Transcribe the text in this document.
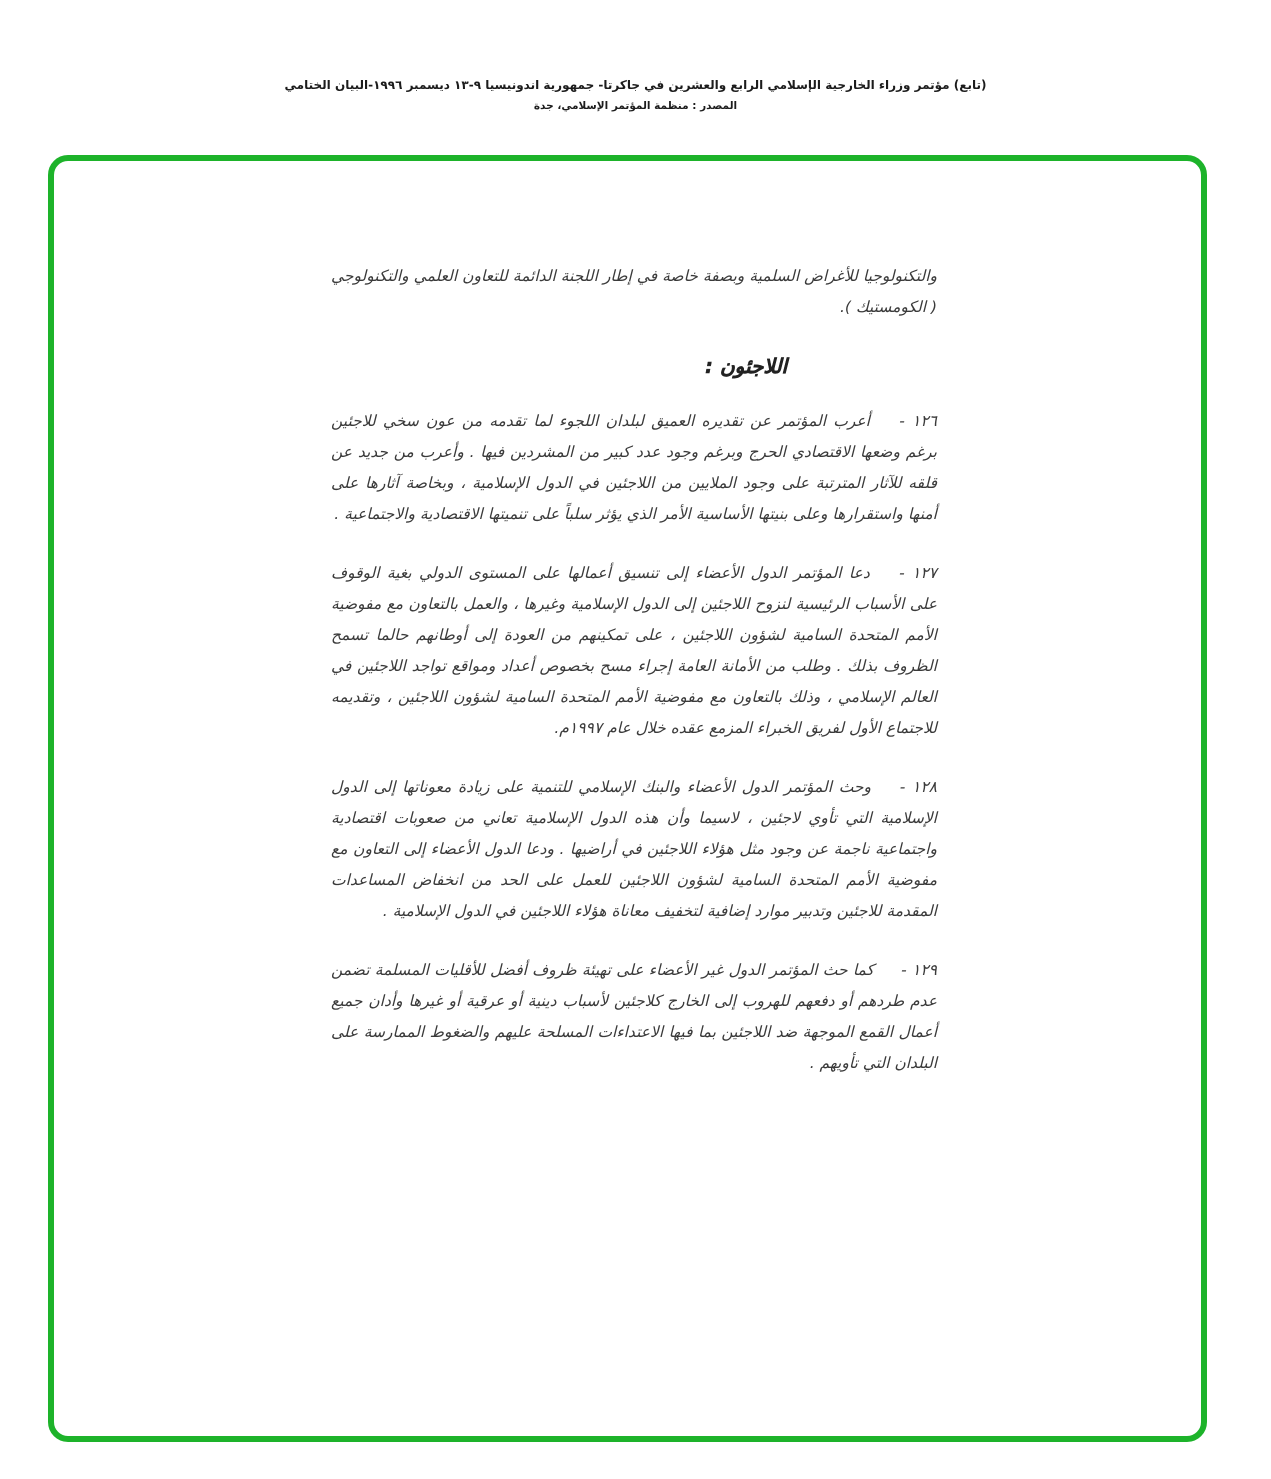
(تابع) مؤتمر وزراء الخارجية الإسلامي الرابع والعشرين في جاكرتا- جمهورية اندونيسيا ٩-١٣ ديسمبر ١٩٩٦-البيان الختامي
المصدر : منظمة المؤتمر الإسلامي، جدة

والتكنولوجيا للأغراض السلمية وبصفة خاصة في إطار اللجنة الدائمة للتعاون العلمي والتكنولوجي ( الكومستيك ).

اللاجئون :

١٢٦ - أعرب المؤتمر عن تقديره العميق لبلدان اللجوء لما تقدمه من عون سخي للاجئين برغم وضعها الاقتصادي الحرج وبرغم وجود عدد كبير من المشردين فيها . وأعرب من جديد عن قلقه للآثار المترتبة على وجود الملايين من اللاجئين في الدول الإسلامية ، وبخاصة آثارها على أمنها واستقرارها وعلى بنيتها الأساسية الأمر الذي يؤثر سلباً على تنميتها الاقتصادية والاجتماعية .

١٢٧ - دعا المؤتمر الدول الأعضاء إلى تنسيق أعمالها على المستوى الدولي بغية الوقوف على الأسباب الرئيسية لنزوح اللاجئين إلى الدول الإسلامية وغيرها ، والعمل بالتعاون مع مفوضية الأمم المتحدة السامية لشؤون اللاجئين ، على تمكينهم من العودة إلى أوطانهم حالما تسمح الظروف بذلك . وطلب من الأمانة العامة إجراء مسح بخصوص أعداد ومواقع تواجد اللاجئين في العالم الإسلامي ، وذلك بالتعاون مع مفوضية الأمم المتحدة السامية لشؤون اللاجئين ، وتقديمه للاجتماع الأول لفريق الخبراء المزمع عقده خلال عام ١٩٩٧م.

١٢٨ - وحث المؤتمر الدول الأعضاء والبنك الإسلامي للتنمية على زيادة معوناتها إلى الدول الإسلامية التي تأوي لاجئين ، لاسيما وأن هذه الدول الإسلامية تعاني من صعوبات اقتصادية واجتماعية ناجمة عن وجود مثل هؤلاء اللاجئين في أراضيها . ودعا الدول الأعضاء إلى التعاون مع مفوضية الأمم المتحدة السامية لشؤون اللاجئين للعمل على الحد من انخفاض المساعدات المقدمة للاجئين وتدبير موارد إضافية لتخفيف معاناة هؤلاء اللاجئين في الدول الإسلامية .

١٢٩ - كما حث المؤتمر الدول غير الأعضاء على تهيئة ظروف أفضل للأقليات المسلمة تضمن عدم طردهم أو دفعهم للهروب إلى الخارج كلاجئين لأسباب دينية أو عرقية أو غيرها وأدان جميع أعمال القمع الموجهة ضد اللاجئين بما فيها الاعتداءات المسلحة عليهم والضغوط الممارسة على البلدان التي تأويهم .
